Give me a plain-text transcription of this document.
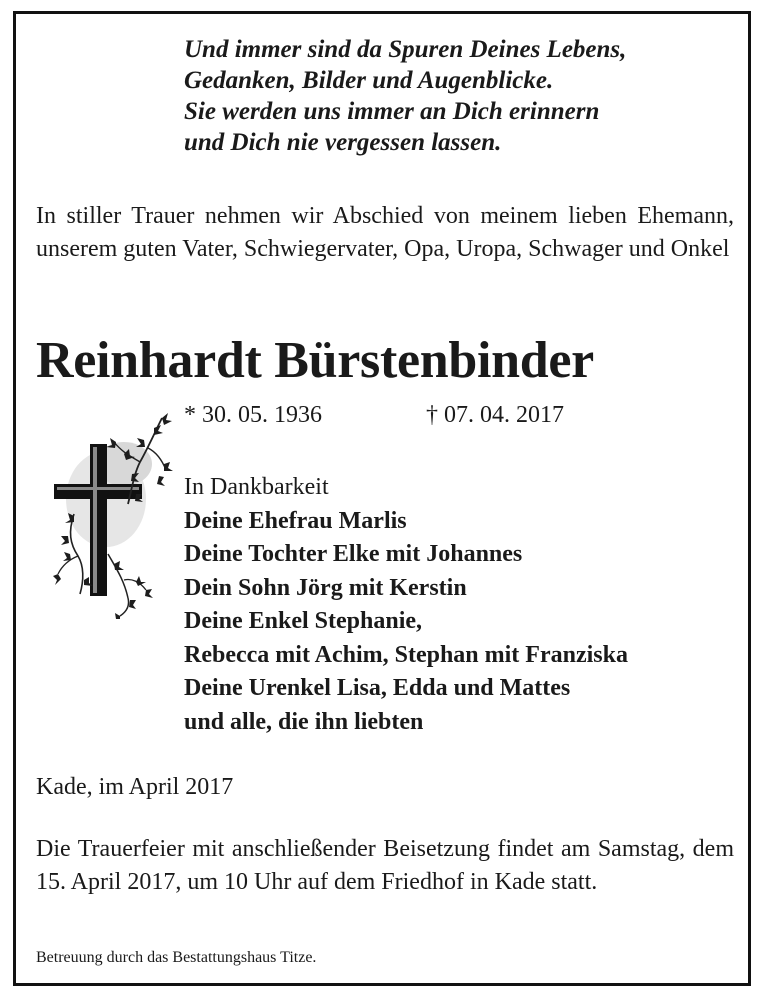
Und immer sind da Spuren Deines Lebens,
Gedanken, Bilder und Augenblicke.
Sie werden uns immer an Dich erinnern
und Dich nie vergessen lassen.
In stiller Trauer nehmen wir Abschied von meinem lieben Ehemann, unserem guten Vater, Schwiegervater, Opa, Uropa, Schwager und Onkel
Reinhardt Bürstenbinder
* 30. 05. 1936	† 07. 04. 2017
In Dankbarkeit
Deine Ehefrau Marlis
Deine Tochter Elke mit Johannes
Dein Sohn Jörg mit Kerstin
Deine Enkel Stephanie,
Rebecca mit Achim, Stephan mit Franziska
Deine Urenkel Lisa, Edda und Mattes
und alle, die ihn liebten
Kade, im April 2017
Die Trauerfeier mit anschließender Beisetzung findet am Samstag, dem 15. April 2017, um 10 Uhr auf dem Friedhof in Kade statt.
Betreuung durch das Bestattungshaus Titze.
